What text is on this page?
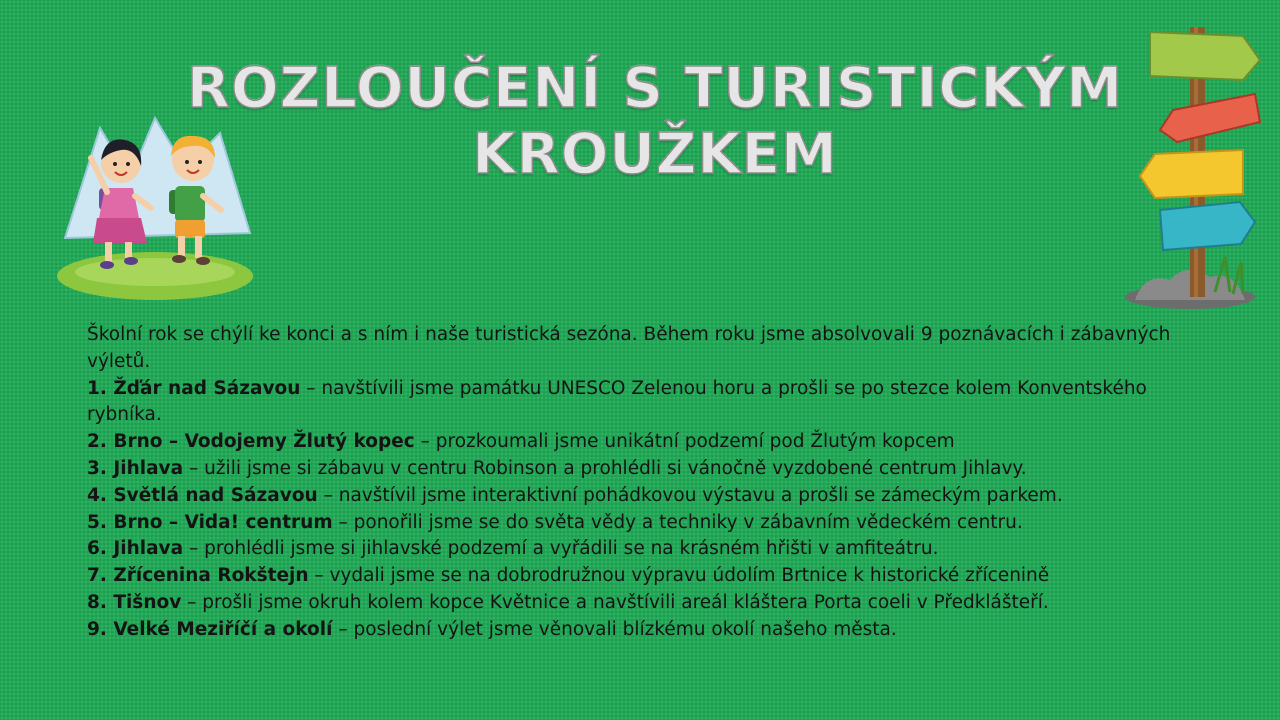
ROZLOUČENÍ S TURISTICKÝM
KROUŽKEM

Školní rok se chýlí ke konci a s ním i naše turistická sezóna. Během roku jsme absolvovali 9 poznávacích i zábavných výletů.

1. Žďár nad Sázavou – navštívili jsme památku UNESCO Zelenou horu a prošli se po stezce kolem Konventského rybníka.

2. Brno – Vodojemy Žlutý kopec – prozkoumali jsme unikátní podzemí pod Žlutým kopcem

3. Jihlava – užili jsme si zábavu v centru Robinson a prohlédli si vánočně vyzdobené centrum Jihlavy.

4. Světlá nad Sázavou – navštívil jsme interaktivní pohádkovou výstavu a prošli se zámeckým parkem.

5. Brno – Vida! centrum – ponořili jsme se do světa vědy a techniky v zábavním vědeckém centru.

6. Jihlava – prohlédli jsme si jihlavské podzemí a vyřádili se na krásném hřišti v amfiteátru.

7. Zřícenina Rokštejn – vydali jsme se na dobrodružnou výpravu údolím Brtnice k historické zřícenině

8. Tišnov – prošli jsme okruh kolem kopce Květnice a navštívili areál kláštera Porta coeli v Předklášteří.

9. Velké Meziříčí a okolí – poslední výlet jsme věnovali blízkému okolí našeho města.
